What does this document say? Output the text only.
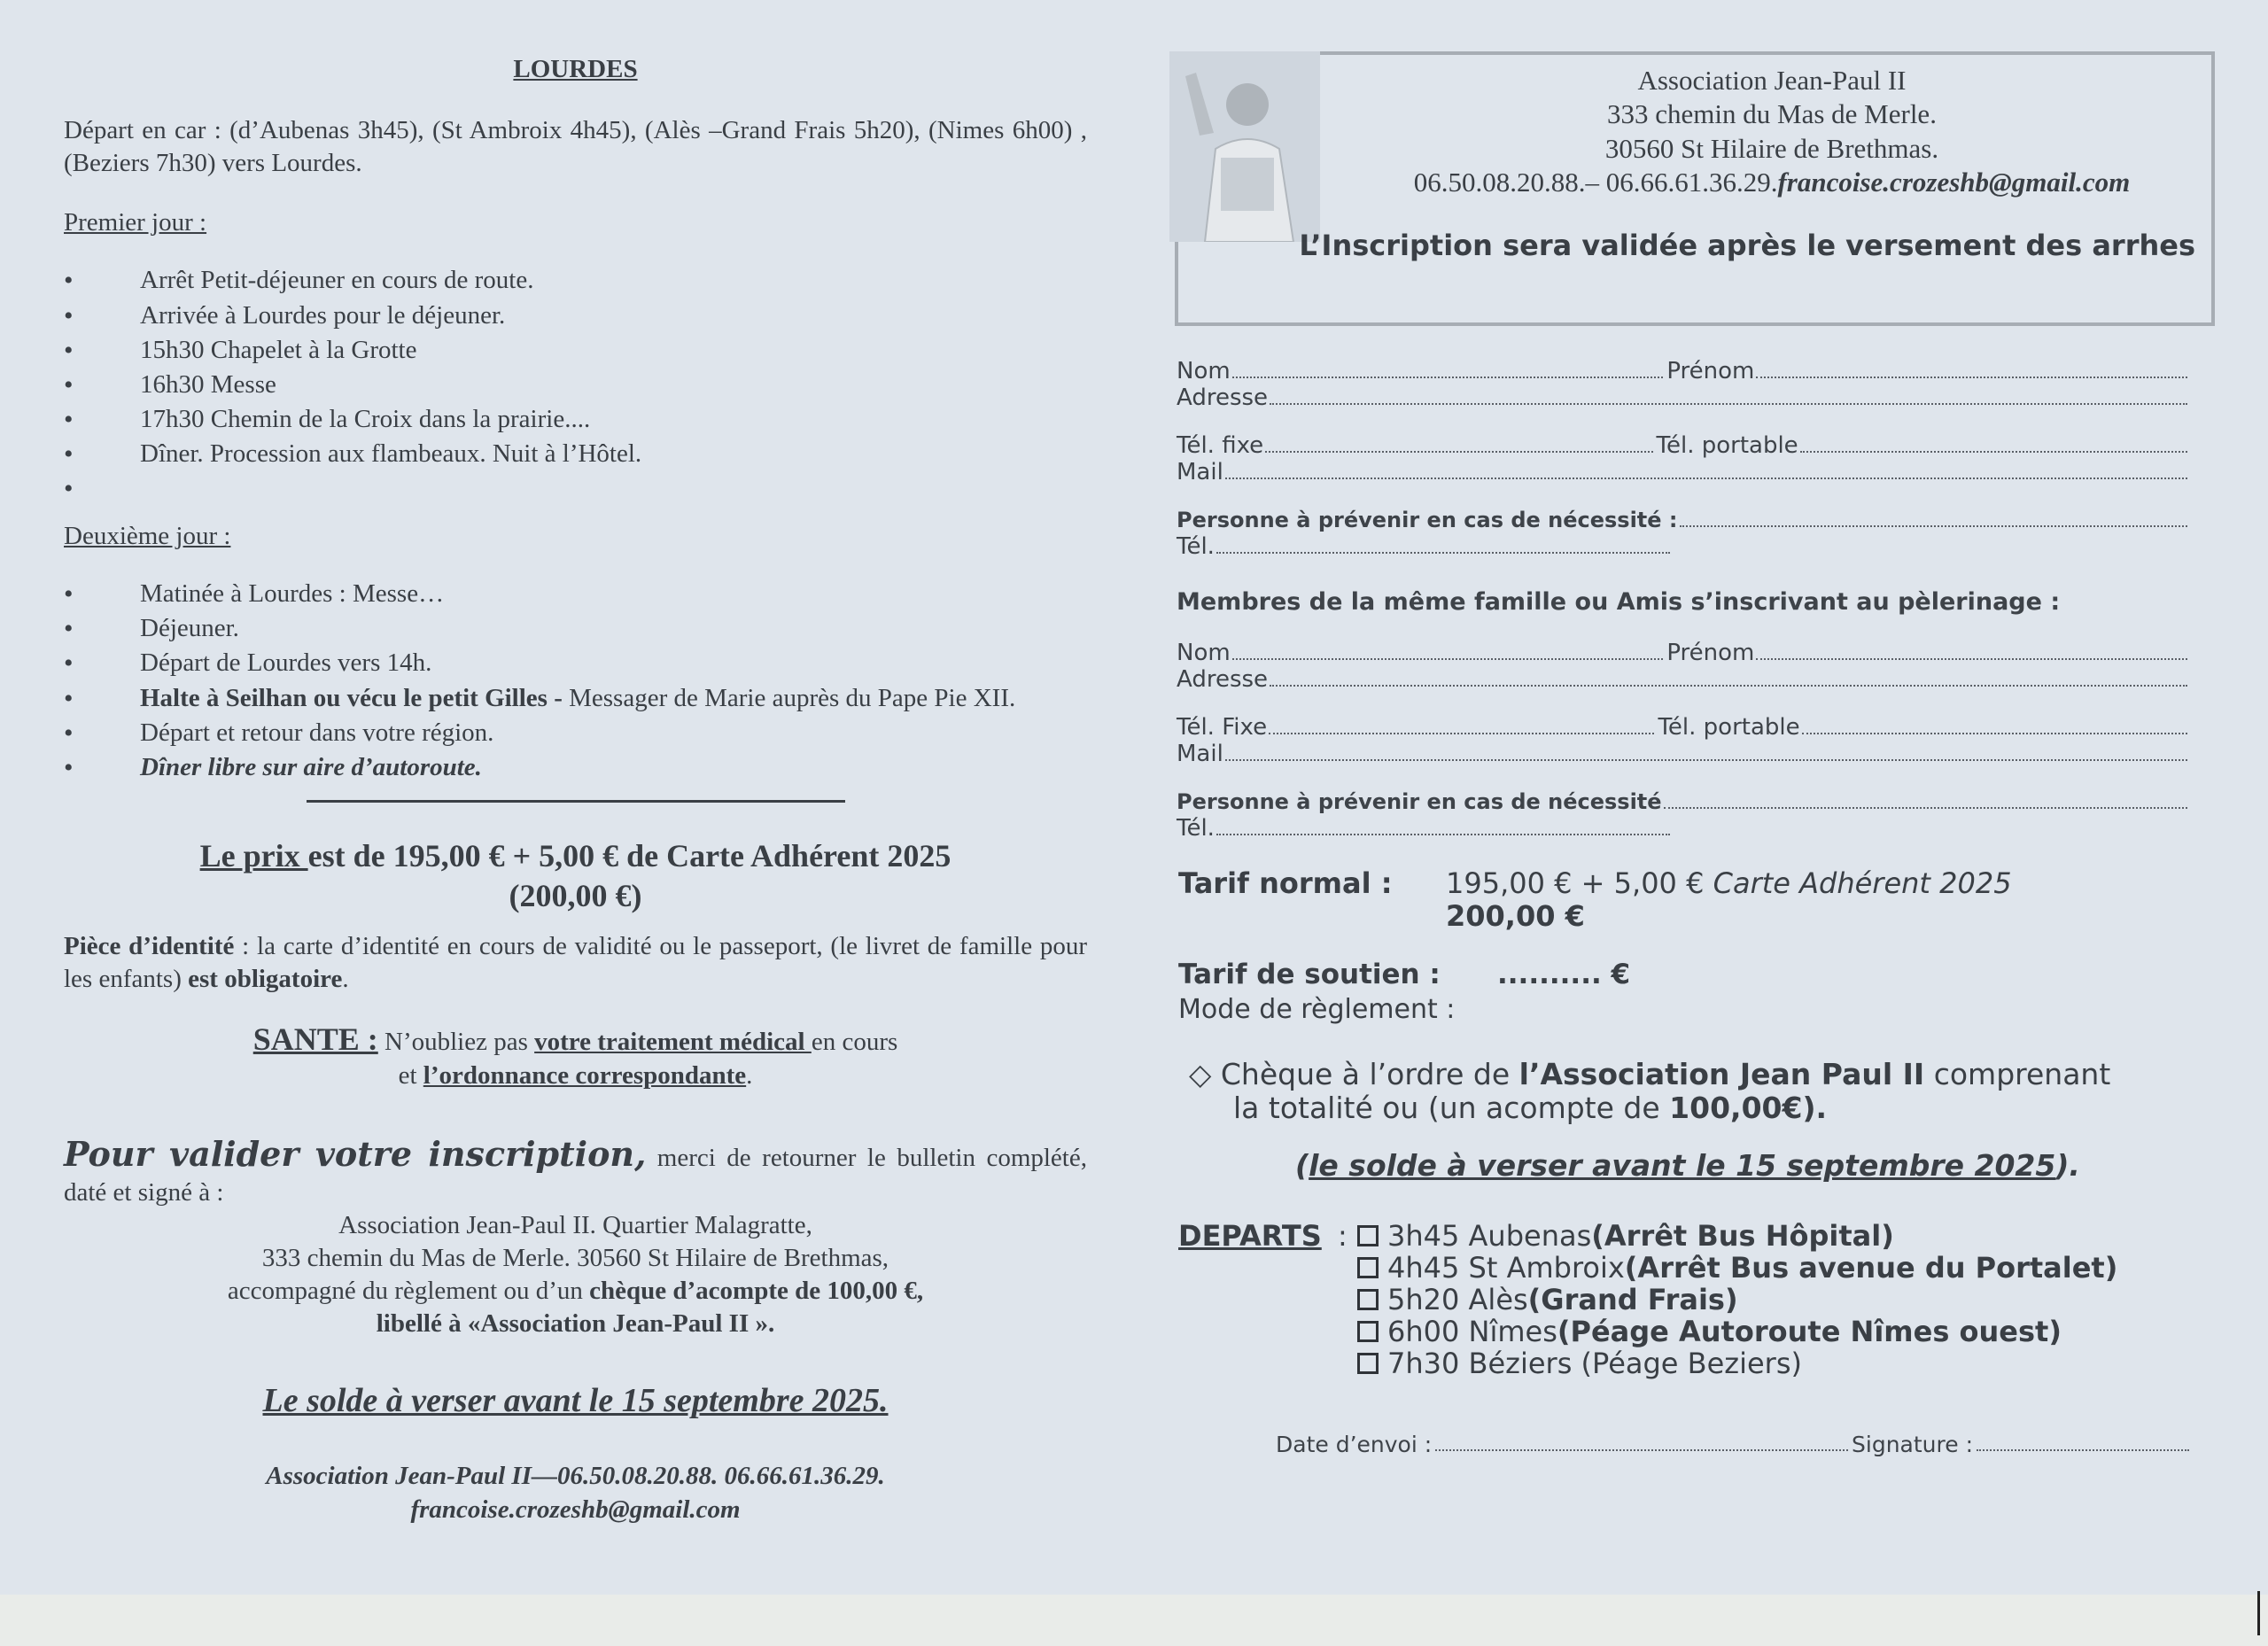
LOURDES
Départ en car : (d’Aubenas 3h45), (St Ambroix 4h45), (Alès –Grand Frais 5h20), (Nimes 6h00) , (Beziers 7h30) vers Lourdes.
Premier jour :
•	Arrêt Petit-déjeuner en cours de route.
•	Arrivée à Lourdes pour le déjeuner.
•	15h30 Chapelet à la Grotte
•	16h30 Messe
•	17h30 Chemin de la Croix dans la prairie....
•	Dîner. Procession aux flambeaux. Nuit à l’Hôtel.
•
Deuxième jour :
•	Matinée à Lourdes : Messe…
•	Déjeuner.
•	Départ de Lourdes vers 14h.
•	Halte à Seilhan ou vécu le petit Gilles - Messager de Marie auprès du Pape Pie XII.
•	Départ et retour dans votre région.
•	Dîner libre sur aire d’autoroute.
Le prix est de 195,00 € + 5,00 € de Carte Adhérent 2025
(200,00 €)
Pièce d’identité : la carte d’identité en cours de validité ou le passeport, (le livret de famille pour les enfants) est obligatoire.
SANTE : N’oubliez pas votre traitement médical en cours
et l’ordonnance correspondante.
Pour valider votre inscription, merci de retourner le bulletin complété, daté et signé à :
Association Jean-Paul II. Quartier Malagratte,
333 chemin du Mas de Merle. 30560 St Hilaire de Brethmas,
accompagné du règlement ou d’un chèque d’acompte de 100,00 €,
libellé à «Association Jean-Paul II ».
Le solde à verser avant le 15 septembre 2025.
Association Jean-Paul II—06.50.08.20.88. 06.66.61.36.29.
francoise.crozeshb@gmail.com
Association Jean-Paul II
333 chemin du Mas de Merle.
30560 St Hilaire de Brethmas.
06.50.08.20.88.– 06.66.61.36.29.francoise.crozeshb@gmail.com
L’Inscription sera validée après le versement des arrhes
Nom	Prénom
Adresse
Tél. fixe	Tél. portable
Mail
Personne à prévenir en cas de nécessité :
Tél.
Membres de la même famille ou Amis s’inscrivant au pèlerinage :
Nom	Prénom
Adresse
Tél. Fixe	Tél. portable
Mail
Personne à prévenir en cas de nécessité
Tél.
Tarif normal :	195,00 € + 5,00 € Carte Adhérent 2025
200,00 €
Tarif de soutien :	.......... €
Mode de règlement :
◇ Chèque à l’ordre de l’Association Jean Paul II comprenant
la totalité ou (un acompte de 100,00€).
(le solde à verser avant le 15 septembre 2025).
DEPARTS :	3h45 Aubenas (Arrêt Bus Hôpital)
4h45 St Ambroix (Arrêt Bus avenue du Portalet)
5h20 Alès (Grand Frais)
6h00 Nîmes (Péage Autoroute Nîmes ouest)
7h30 Béziers (Péage Beziers)
Date d’envoi :	Signature :
